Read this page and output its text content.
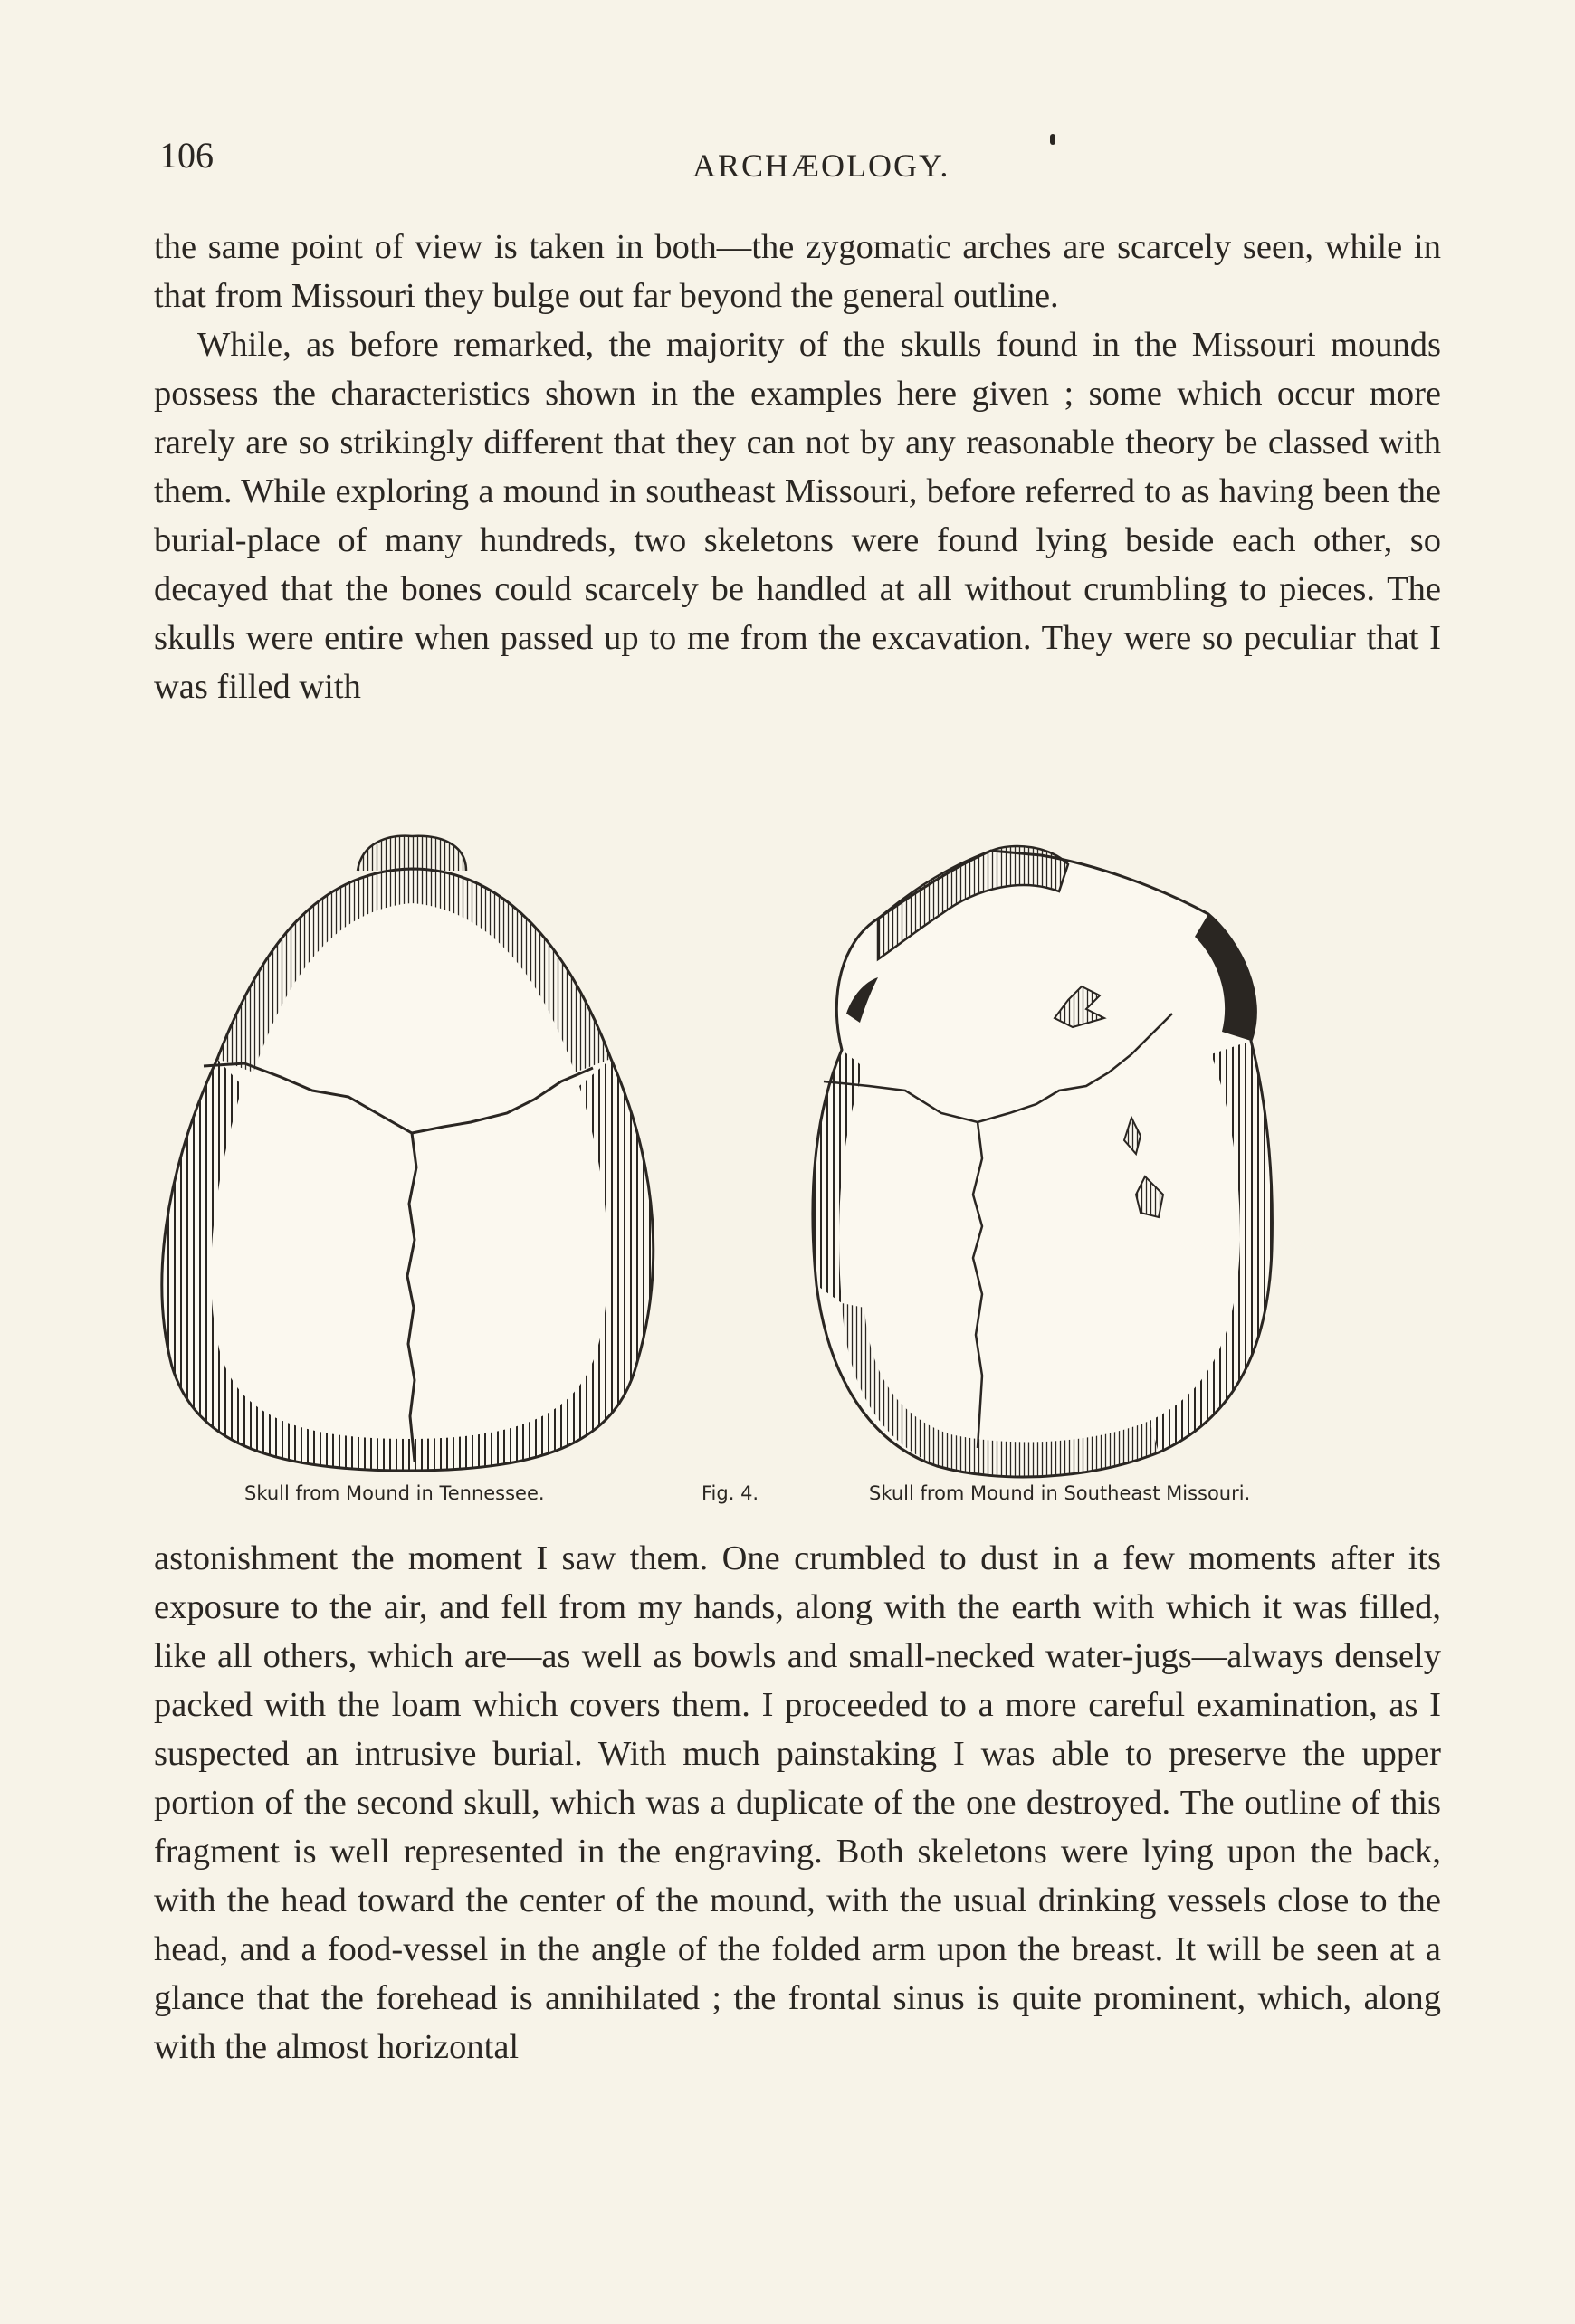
106	ARCHÆOLOGY.

the same point of view is taken in both—the zygomatic arches are scarcely seen, while in that from Missouri they bulge out far beyond the general outline.

While, as before remarked, the majority of the skulls found in the Missouri mounds possess the characteristics shown in the examples here given ; some which occur more rarely are so strikingly different that they can not by any reasonable theory be classed with them. While exploring a mound in southeast Missouri, before referred to as having been the burial-place of many hundreds, two skeletons were found lying beside each other, so decayed that the bones could scarcely be handled at all without crumbling to pieces. The skulls were entire when passed up to me from the excavation. They were so peculiar that I was filled with

Skull from Mound in Tennessee.	Fig. 4.	Skull from Mound in Southeast Missouri.

astonishment the moment I saw them. One crumbled to dust in a few moments after its exposure to the air, and fell from my hands, along with the earth with which it was filled, like all others, which are—as well as bowls and small-necked water-jugs—always densely packed with the loam which covers them. I proceeded to a more careful examination, as I suspected an intrusive burial. With much painstaking I was able to preserve the upper portion of the second skull, which was a duplicate of the one destroyed. The outline of this fragment is well represented in the engraving. Both skeletons were lying upon the back, with the head toward the center of the mound, with the usual drinking vessels close to the head, and a food-vessel in the angle of the folded arm upon the breast. It will be seen at a glance that the forehead is annihilated ; the frontal sinus is quite prominent, which, along with the almost horizontal
